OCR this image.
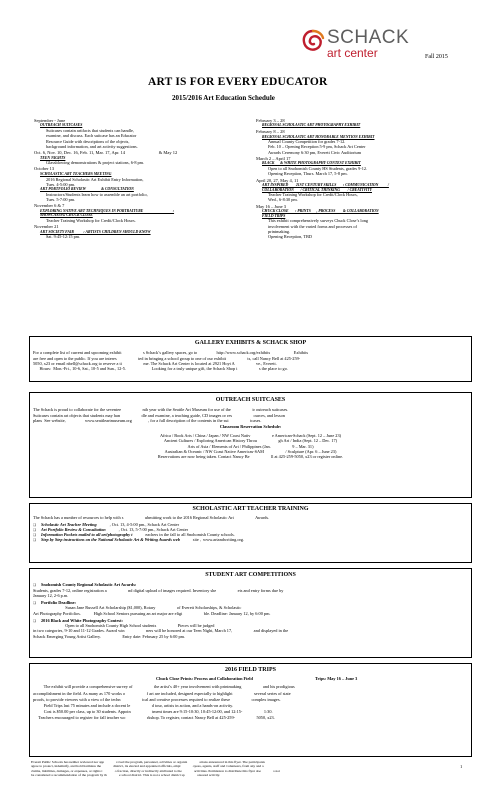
SCHACK
art center	Fall 2015
ART IS FOR EVERY EDUCATOR
2015/2016 Art Education Schedule
September - June
OUTREACH SUITCASES
Suitcases contain artifacts that students can handle,
examine, and discuss. Each suitcase has an Educator
Resource Guide with descriptions of the objects,
background information, and art activity suggestions.
Oct. 6, Nov. 10, Dec. 16, Feb. 11, Mar. 17, Apr. 14                              & May 12
TEEN NIGHTS
Glassblowing demonstrations & project stations, 6-8 pm.
October 13
SCHOLASTIC ART TEACHERS MEETING
2016 Regional Scholastic Art Exhibit Entry Information,
Tues. 4-5:00 pm.
ART PORTFOLIO REVIEW                & CONSULTATION
Instructors/Students learn how to assemble an art portfolio,
Tues. 5-7:00 pm.
November 6 & 7
EXPLORING NATIVE ART TECHNIQUES IN PORTRAITURE                               :
SHOWCASING CHUCK CLOSE
Teacher Training Workshop for Credit/Clock Hours.
November 21
ART SOCIETY FAIR          : ARTISTS CHILDREN SHOULD KNOW
Sat. 9:45-12:15 pm.
February 3 – 28
REGIONAL SCHOLASTIC ART PHOTOGRAPHY EXHIBIT
February 8 – 28
REGIONAL SCHOLASTIC ART HONORABLE MENTION EXHIBIT
Annual County Competition for grades 7-12.
Feb. 10 – Opening Reception 5-9 pm, Schack Art Center
Awards Ceremony 6:30 pm, Everett Civic Auditorium
March 2 – April 17
BLACK      & WHITE PHOTOGRAPHY CONTEST EXHIBIT
Open to all Snohomish County HS Students, grades 9-12.
Opening Reception, Thurs. March 17, 5-8 pm.
April 20, 27, May 4, 11
ART INSPIRED        21ST CENTURY SKILLS       : COMMUNICATION          /
COLLABORATION       / CRITICAL THINKING        / CREATIVITY
Teacher Training Workshop for Credit/Clock Hours,
Wed., 6-8:30 pm.
May 16 – June 3
CHUCK CLOSE       : PRINTS      , PROCESS        & COLLABORATION
FIELD TRIPS
This exhibit comprehensively surveys Chuck Close’s long
involvement with the varied forms and processes of
printmaking.
Opening Reception, TBD
GALLERY EXHIBITS & SCHACK SHOP
For a complete list of current and upcoming exhibit                    s Schack’s gallery spaces, go to                  http://www.schack.org/exhibits                      Exhibits
are free and open to the public. If you are interes                    ted in bringing a school group to one of our exhibit                    ts, call Nancy Bell at 425-259-
5050, x23 or email nbell@schack.org to reserve a ti                    me. The Schack Art Center is located at 2921 Hoyt A                    ve., Everett.
Hours:  Mon.-Fri., 10-6, Sat., 10-5 and Sun., 12-5.                        Looking for a truly unique gift, the Schack Shop i                    s the place to go.
OUTREACH SUITCASES
The Schack is proud to collaborate for the seventee                    nth year with the Seattle Art Museum for use of the                    ir outreach suitcases.
Suitcases contain art objects that students may han                    dle and examine, a teaching guide, CD images or res                    ources, and lesson
plans  See website,                  www.seattleartmuseum.org               , for a full description of the contents in the sui                    tcases.
Classroom Reservation Schedule:
Africa / Book Arts / China / Japan / NW Coast Nativ                    e American-Schack (Sept. 12 – June 23)
Ancient Cultures / Exploring American History Throu                    gh Art / India (Sept. 12 – Dec. 17)
Arts of Asia / Elements of Art / Philippines (Jan.                    9 – Mar. 31)
Australian & Oceanic / NW Coast Native Americas-SAM                    / Sculpture (Apr. 6 – June 23)
Reservations are now being taken. Contact Nancy Be                    ll at 425-259-5050, x23 or register online.
SCHOLASTIC ART TEACHER TRAINING
The Schack has a number of resources to help with s                    ubmitting work to the 2016 Regional Scholastic Art                    Awards.
❑ Scholastic Art Teacher Meeting            , Oct. 13, 4-5:00 pm., Schack Art Center
❑ Art Portfolio Review & Consultation            , Oct. 13, 5-7:00 pm., Schack Art Center
❑ Information Packets mailed to all art/photography t            eachers in the fall to all Snohomish County schools.
❑ Step by Step instructions on the National Scholastic Art & Writing Awards web            site ,  www.artandwriting.org.
STUDENT ART COMPETITIONS
❑ Snohomish County Regional Scholastic Art Awards:
Students, grades 7-12, online registration a                    nd digital upload of images required. Inventory she                    ets and entry forms due by
January 12, 2-6 p.m.
❑ Portfolio Deadline:
Susan Jane Russell Art Scholarship ($1,000), Rotary                    of Everett Scholarships, & Scholastic
Art Photography Portfolios.            High School Seniors pursuing an art major are eligi                    ble. Deadline: January 12, by 6:00 pm.
❑ 2016 Black and White Photography Contest:
Open to all Snohomish County High School students                    Pieces will be judged
in two categories, 9-10 and 11-12 Grades. Award win                    ners will be honored at our Teen Night, March 17,                    and displayed in the
Schack Emerging Young Artist Gallery.                    Entry date: February 25 by 6:00 pm.
2016 FIELD TRIPS
Chuck Close Prints: Process and Collaboration Field	Trips: May 16 – June 3
The exhibit will provide a comprehensive survey of                    the artist’s 40+ year involvement with printmaking                    and his prodigious
accomplishment in the field. As many as 170 works o                    f art are included, designed especially to highlight                    several series of state
proofs, to provide viewers with a view of the techn                    ical and creative processes required to realize these                    complex images.
Field Trips last 75 minutes and include a docent le                    d tour, artists in action, and a hands-on activity.
Cost is $50.00 per class, up to 30 students. Appoin                    tment times are 9:15-10:30, 10:45-12:00, and 12:15-                    1:30.
Teachers encouraged to register for fall teacher wo                    rkshop. To register, contact Nancy Bell at 425-259-                    5050, x23.
Everett Public Schools has neither reviewed nor app              roved the program, personnel, activities or organiz              ations announced in this flyer. The participants
agree to protect, indemnify, and hold harmless the              district, its elected and appointed officials, empl              oyees, agents, staff and volunteers, from any and a
claims, liabilities, damages, or expenses, or rights t              o fraction, directly or indirectly attributed to the              activities. Permission to distribute this flyer doe              s not
be considered a recommendation of the program by th              e school district. This is not a school district sp              onsored activity.
1
